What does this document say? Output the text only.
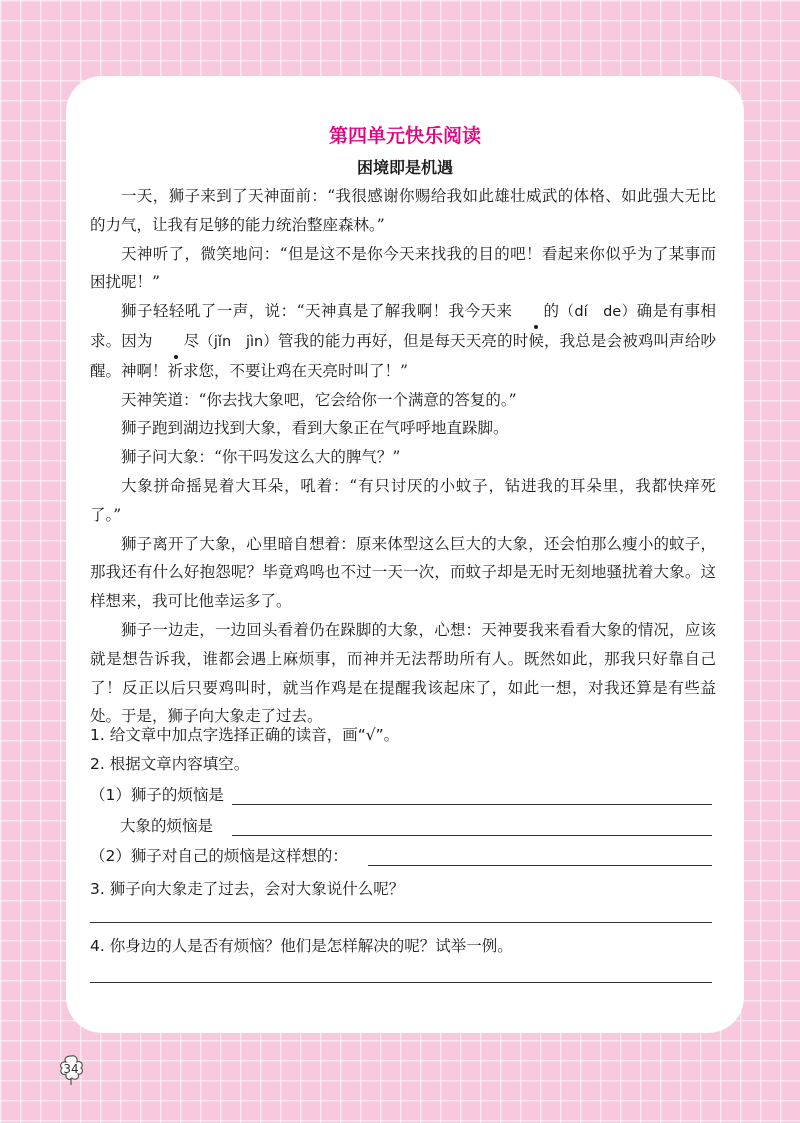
第四单元快乐阅读
困境即是机遇

一天，狮子来到了天神面前：“我很感谢你赐给我如此雄壮威武的体格、如此强大无比的力气，让我有足够的能力统治整座森林。”

天神听了，微笑地问：“但是这不是你今天来找我的目的吧！看起来你似乎为了某事而困扰呢！”

狮子轻轻吼了一声，说：“天神真是了解我啊！我今天来 的（dí　de）确是有事相求。因为 尽（jǐn　jìn）管我的能力再好，但是每天天亮的时候，我总是会被鸡叫声给吵醒。神啊！祈求您，不要让鸡在天亮时叫了！”

天神笑道：“你去找大象吧，它会给你一个满意的答复的。”

狮子跑到湖边找到大象，看到大象正在气呼呼地直跺脚。

狮子问大象：“你干吗发这么大的脾气？”

大象拼命摇晃着大耳朵，吼着：“有只讨厌的小蚊子，钻进我的耳朵里，我都快痒死了。”

狮子离开了大象，心里暗自想着：原来体型这么巨大的大象，还会怕那么瘦小的蚊子，那我还有什么好抱怨呢？毕竟鸡鸣也不过一天一次，而蚊子却是无时无刻地骚扰着大象。这样想来，我可比他幸运多了。

狮子一边走，一边回头看着仍在跺脚的大象，心想：天神要我来看看大象的情况，应该就是想告诉我，谁都会遇上麻烦事，而神并无法帮助所有人。既然如此，那我只好靠自己了！反正以后只要鸡叫时，就当作鸡是在提醒我该起床了，如此一想，对我还算是有些益处。于是，狮子向大象走了过去。

1. 给文章中加点字选择正确的读音，画“√”。
2. 根据文章内容填空。
（1）狮子的烦恼是
大象的烦恼是
（2）狮子对自己的烦恼是这样想的：
3. 狮子向大象走了过去，会对大象说什么呢？
4. 你身边的人是否有烦恼？他们是怎样解决的呢？试举一例。
34
